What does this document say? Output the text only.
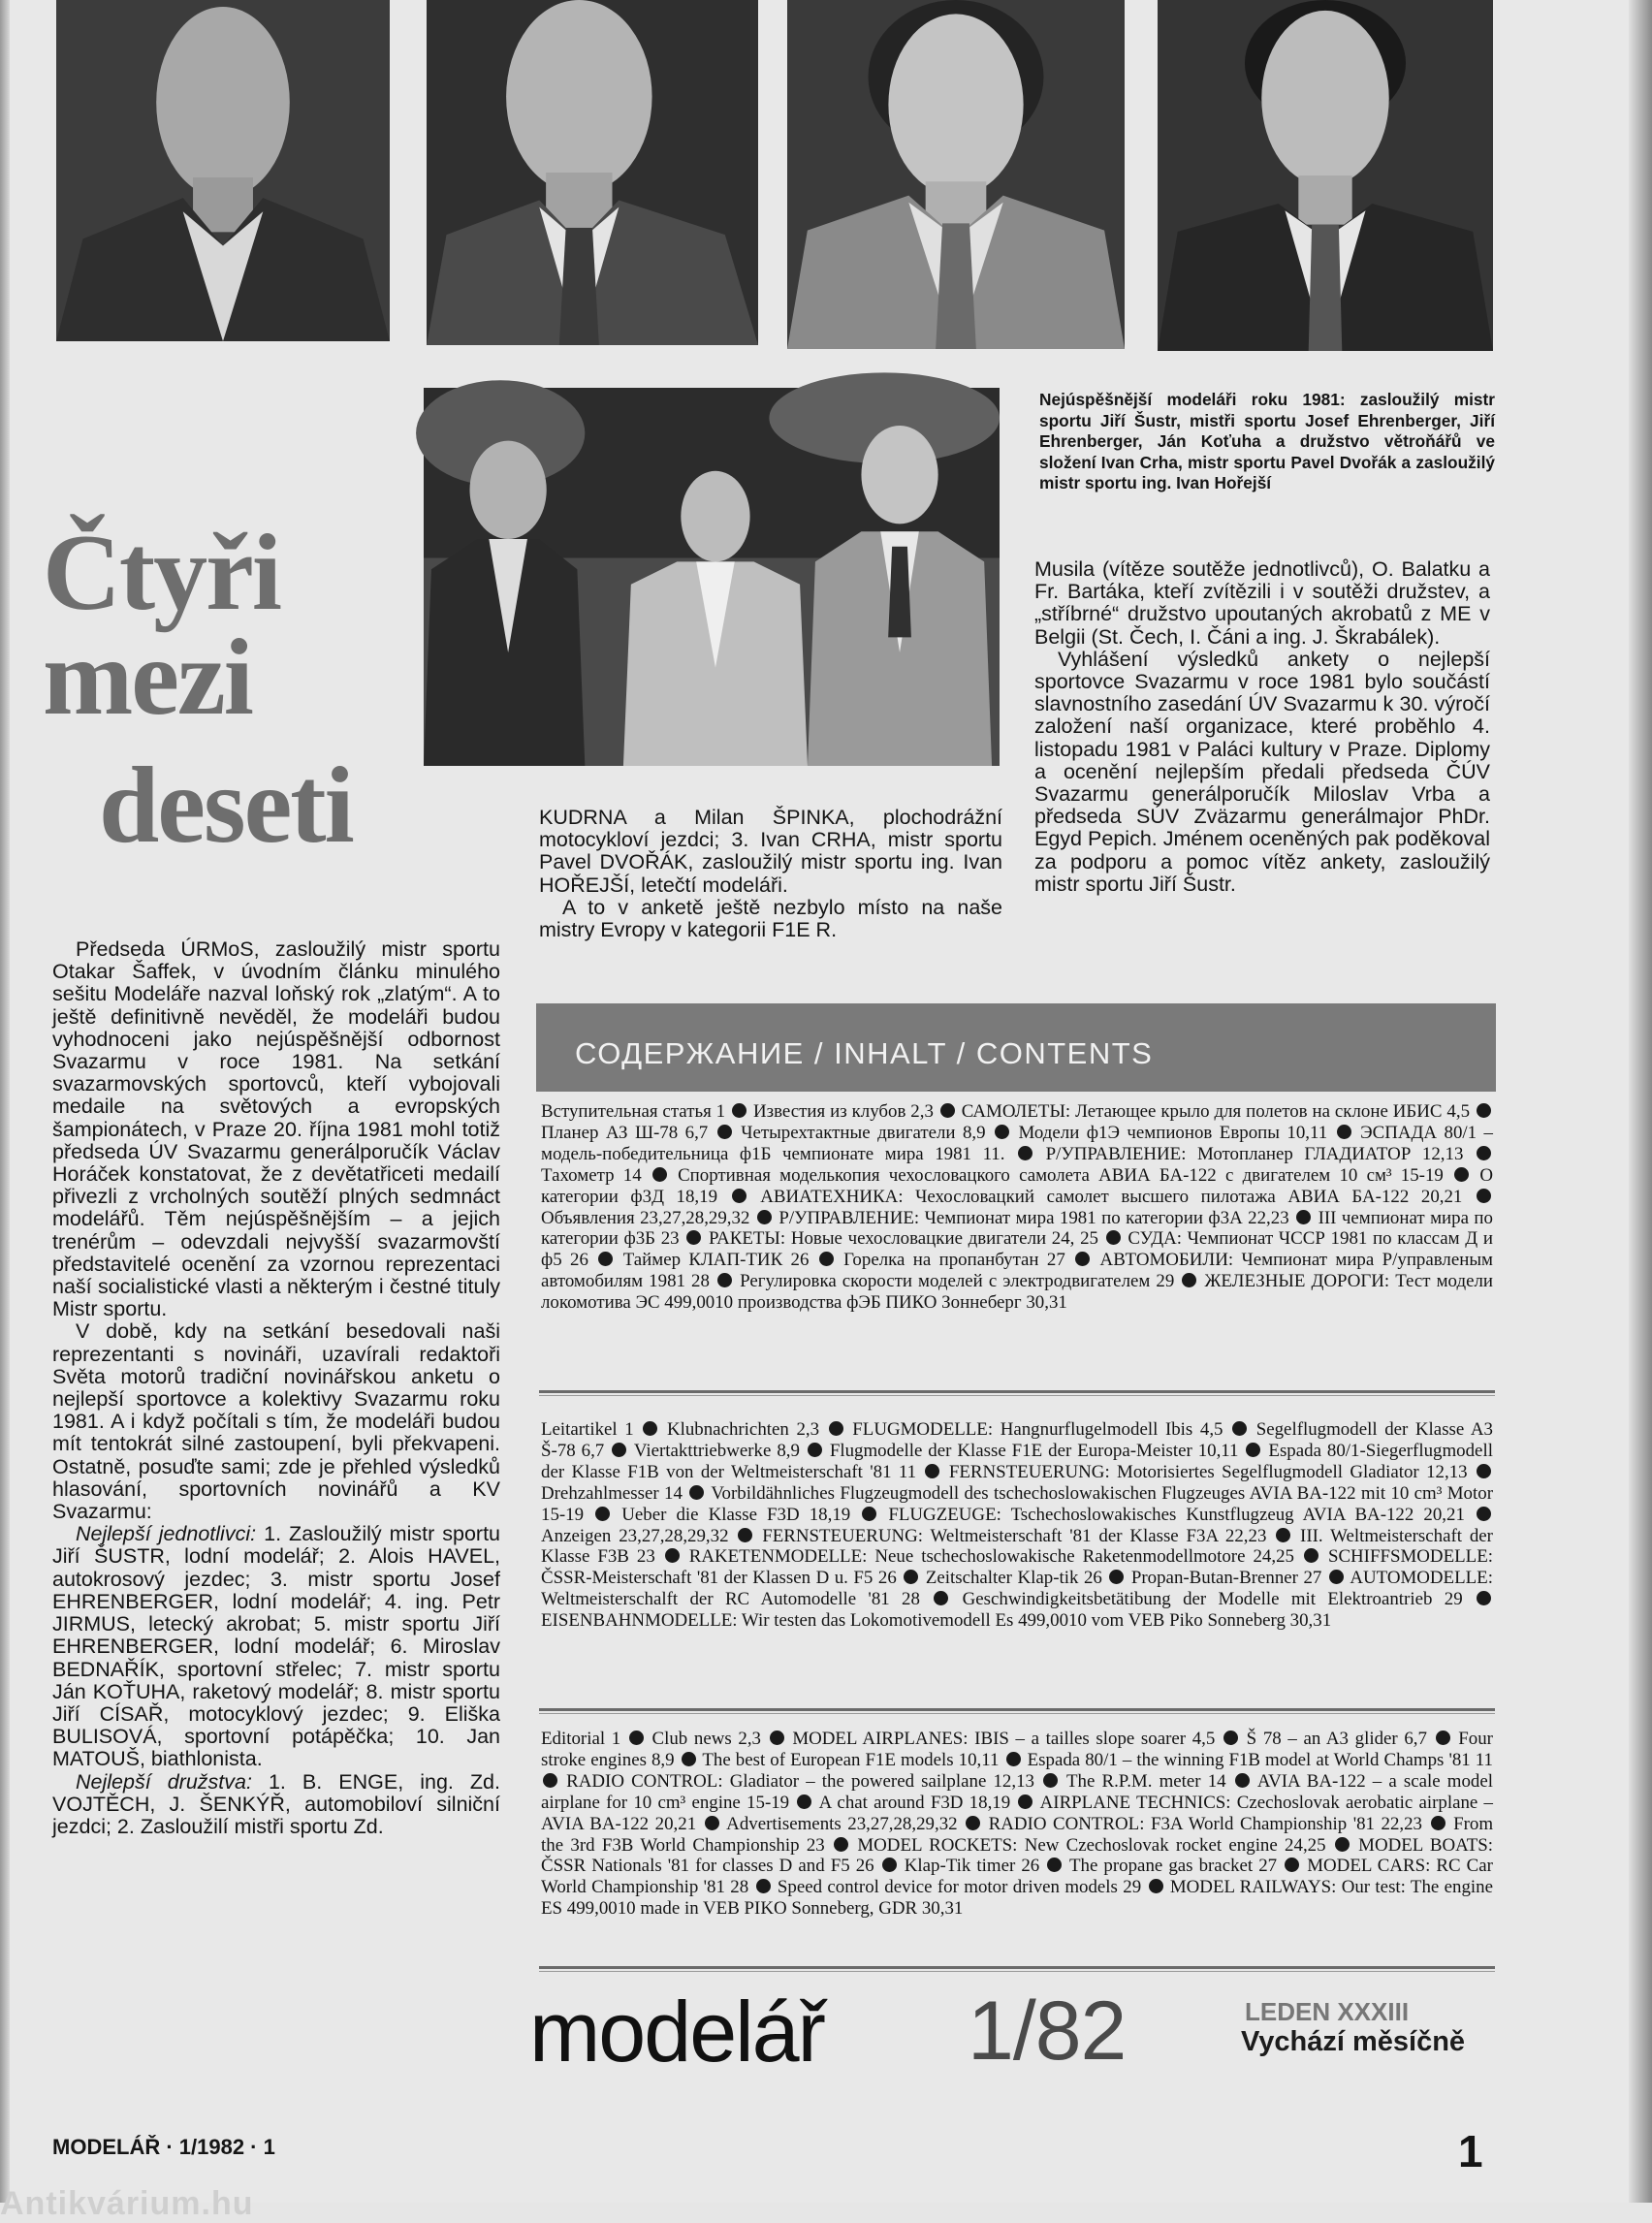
Nejúspěšnější modeláři roku 1981: zasloužilý mistr sportu Jiří Šustr, mistři sportu Josef Ehrenberger, Jiří Ehrenberger, Ján Koťuha a družstvo větroňářů ve složení Ivan Crha, mistr sportu Pavel Dvořák a zasloužilý mistr sportu ing. Ivan Hořejší
Čtyři
mezi
deseti

Předseda ÚRMoS, zasloužilý mistr sportu Otakar Šaffek, v úvodním článku minulého sešitu Modeláře nazval loňský rok „zlatým“. A to ještě definitivně nevěděl, že modeláři budou vyhodnoceni jako nejúspěšnější odbornost Svazarmu v roce 1981. Na setkání svazarmovských sportovců, kteří vybojovali medaile na světových a evropských šampionátech, v Praze 20. října 1981 mohl totiž předseda ÚV Svazarmu generálporučík Václav Horáček konstatovat, že z devětatřiceti medailí přivezli z vrcholných soutěží plných sedmnáct modelářů. Těm nejúspěšnějším – a jejich trenérům – odevzdali nejvyšší svazarmovští představitelé ocenění za vzornou reprezentaci naší socialistické vlasti a některým i čestné tituly Mistr sportu.

V době, kdy na setkání besedovali naši reprezentanti s novináři, uzavírali redaktoři Světa motorů tradiční novinářskou anketu o nejlepší sportovce a kolektivy Svazarmu roku 1981. A i když počítali s tím, že modeláři budou mít tentokrát silné zastoupení, byli překvapeni. Ostatně, posuďte sami; zde je přehled výsledků hlasování, sportovních novinářů a KV Svazarmu:

Nejlepší jednotlivci: 1. Zasloužilý mistr sportu Jiří ŠUSTR, lodní modelář; 2. Alois HAVEL, autokrosový jezdec; 3. mistr sportu Josef EHRENBERGER, lodní modelář; 4. ing. Petr JIRMUS, letecký akrobat; 5. mistr sportu Jiří EHRENBERGER, lodní modelář; 6. Miroslav BEDNAŘÍK, sportovní střelec; 7. mistr sportu Ján KOŤUHA, raketový modelář; 8. mistr sportu Jiří CÍSAŘ, motocyklový jezdec; 9. Eliška BULISOVÁ, sportovní potápěčka; 10. Jan MATOUŠ, biathlonista.

Nejlepší družstva: 1. B. ENGE, ing. Zd. VOJTĚCH, J. ŠENKÝŘ, automobiloví silniční jezdci; 2. Zasloužilí mistři sportu Zd.

KUDRNA a Milan ŠPINKA, plochodrážní motocykloví jezdci; 3. Ivan CRHA, mistr sportu Pavel DVOŘÁK, zasloužilý mistr sportu ing. Ivan HOŘEJŠÍ, letečtí modeláři.

A to v anketě ještě nezbylo místo na naše mistry Evropy v kategorii F1E R.

Musila (vítěze soutěže jednotlivců), O. Balatku a Fr. Bartáka, kteří zvítězili i v soutěži družstev, a „stříbrné“ družstvo upoutaných akrobatů z ME v Belgii (St. Čech, I. Čáni a ing. J. Škrabálek).

Vyhlášení výsledků ankety o nejlepší sportovce Svazarmu v roce 1981 bylo součástí slavnostního zasedání ÚV Svazarmu k 30. výročí založení naší organizace, které proběhlo 4. listopadu 1981 v Paláci kultury v Praze. Diplomy a ocenění nejlepším předali předseda ČÚV Svazarmu generálporučík Miloslav Vrba a předseda SÚV Zväzarmu generálmajor PhDr. Egyd Pepich. Jménem oceněných pak poděkoval za podporu a pomoc vítěz ankety, zasloužilý mistr sportu Jiří Šustr.

СОДЕРЖАНИЕ / INHALT / CONTENTS
Вступительная статья 1 Известия из клубов 2,3 САМОЛЕТЫ: Летающее крыло для полетов на склоне ИБИС 4,5  Планер АЗ Ш-78 6,7 Четырехтактные двигатели 8,9 Модели ф1Э чемпионов Европы 10,11 ЭСПАДА 80/1 – модель-победительница ф1Б чемпионате мира 1981 11. Р/УПРАВЛЕНИЕ: Мотопланер ГЛАДИАТОР 12,13  Тахометр 14 Спортивная моделькопия чехословацкого самолета АВИА БА-122 с двигателем 10 см³ 15-19 О категории ф3Д 18,19 АВИАТЕХНИКА: Чехословацкий самолет высшего пилотажа АВИА БА-122 20,21  Объявления 23,27,28,29,32 Р/УПРАВЛЕНИЕ: Чемпионат мира 1981 по категории ф3А 22,23 III чемпионат мира по категории ф3Б 23 РАКЕТЫ: Новые чехословацкие двигатели 24, 25 СУДА: Чемпионат ЧССР 1981 по классам Д и ф5 26 Таймер КЛАП-ТИК 26 Горелка на пропанбутан 27 АВТОМОБИЛИ: Чемпионат мира Р/управленым автомобилям 1981 28 Регулировка скорости моделей с электродвигателем 29 ЖЕЛЕЗНЫЕ ДОРОГИ: Тест модели локомотива ЭС 499,0010 производства фЭБ ПИКО Зоннеберг 30,31
Leitartikel 1 Klubnachrichten 2,3 FLUGMODELLE: Hangnurflugelmodell Ibis 4,5 Segelflugmodell der Klasse A3 Š-78 6,7 Viertakttriebwerke 8,9 Flugmodelle der Klasse F1E der Europa-Meister 10,11 Espada 80/1-Siegerflugmodell der Klasse F1B von der Weltmeisterschaft '81 11 FERNSTEUERUNG: Motorisiertes Segelflugmodell Gladiator 12,13  Drehzahlmesser 14 Vorbildähnliches Flugzeugmodell des tschechoslowakischen Flugzeuges AVIA BA-122 mit 10 cm³ Motor 15-19 Ueber die Klasse F3D 18,19 FLUGZEUGE: Tschechoslowakisches Kunstflugzeug AVIA BA-122 20,21  Anzeigen 23,27,28,29,32 FERNSTEUERUNG: Weltmeisterschaft '81 der Klasse F3A 22,23 III. Weltmeisterschaft der Klasse F3B 23 RAKETENMODELLE: Neue tschechoslowakische Raketenmodellmotore 24,25 SCHIFFSMODELLE: ČSSR-Meisterschaft '81 der Klassen D u. F5 26 Zeitschalter Klap-tik 26 Propan-Butan-Brenner 27 AUTOMODELLE: Weltmeisterschalft der RC Automodelle '81 28 Geschwindigkeitsbetätibung der Modelle mit Elektroantrieb 29  EISENBAHNMODELLE: Wir testen das Lokomotivemodell Es 499,0010 vom VEB Piko Sonneberg 30,31
Editorial 1 Club news 2,3 MODEL AIRPLANES: IBIS – a tailles slope soarer 4,5 Š 78 – an A3 glider 6,7 Four stroke engines 8,9 The best of European F1E models 10,11 Espada 80/1 – the winning F1B model at World Champs '81 11  RADIO CONTROL: Gladiator – the powered sailplane 12,13 The R.P.M. meter 14 AVIA BA-122 – a scale model airplane for 10 cm³ engine 15-19 A chat around F3D 18,19 AIRPLANE TECHNICS: Czechoslovak aerobatic airplane – AVIA BA-122 20,21 Advertisements 23,27,28,29,32 RADIO CONTROL: F3A World Championship '81 22,23 From the 3rd F3B World Championship 23 MODEL ROCKETS: New Czechoslovak rocket engine 24,25 MODEL BOATS: ČSSR Nationals '81 for classes D and F5 26 Klap-Tik timer 26 The propane gas bracket 27 MODEL CARS: RC Car World Championship '81 28 Speed control device for motor driven models 29 MODEL RAILWAYS: Our test: The engine ES 499,0010 made in VEB PIKO Sonneberg, GDR 30,31
modelář 1/82	LEDEN XXXIII
Vychází měsíčně
MODELÁŘ · 1/1982 · 1	1
Antikvárium.hu
